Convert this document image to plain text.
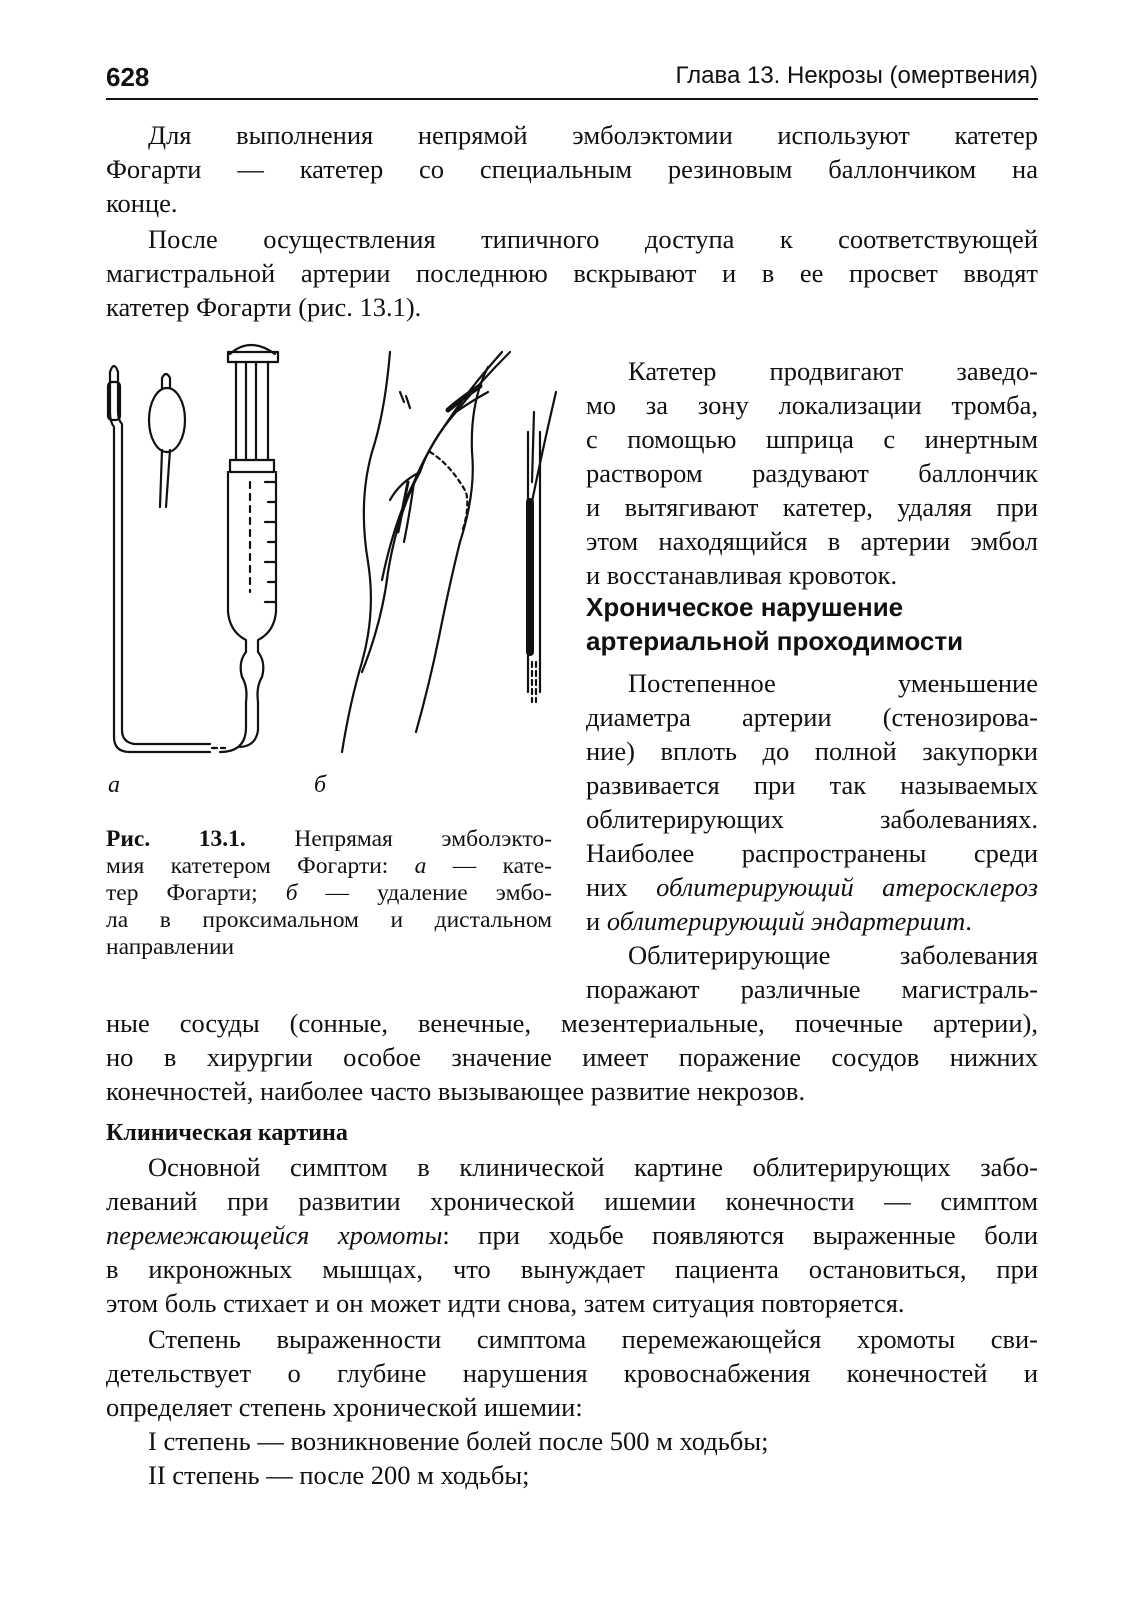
628	Глава 13. Некрозы (омертвения)
Для выполнения непрямой эмболэктомии используют катетер
Фогарти — катетер со специальным резиновым баллончиком на
конце.
После осуществления типичного доступа к соответствующей
магистральной артерии последнюю вскрывают и в ее просвет вводят
катетер Фогарти (рис. 13.1).
Катетер продвигают заведо-
мо за зону локализации тромба,
с помощью шприца с инертным
раствором раздувают баллончик
и вытягивают катетер, удаляя при
этом находящийся в артерии эмбол
и восстанавливая кровоток.
Хроническое нарушение
артериальной проходимости
Постепенное уменьшение
диаметра артерии (стенозирова-
ние) вплоть до полной закупорки
развивается при так называемых
облитерирующих заболеваниях.
Наиболее распространены среди
них облитерирующий атеросклероз
и облитерирующий эндартериит.
Облитерирующие заболевания
поражают различные магистраль-
ные сосуды (сонные, венечные, мезентериальные, почечные артерии),
но в хирургии особое значение имеет поражение сосудов нижних
конечностей, наиболее часто вызывающее развитие некрозов.
а	б
Рис. 13.1. Непрямая эмболэкто-
мия катетером Фогарти: а — кате-
тер Фогарти; б — удаление эмбо-
ла в проксимальном и дистальном
направлении
Клиническая картина
Основной симптом в клинической картине облитерирующих забо-
леваний при развитии хронической ишемии конечности — симптом
перемежающейся хромоты: при ходьбе появляются выраженные боли
в икроножных мышцах, что вынуждает пациента остановиться, при
этом боль стихает и он может идти снова, затем ситуация повторяется.
Степень выраженности симптома перемежающейся хромоты сви-
детельствует о глубине нарушения кровоснабжения конечностей и
определяет степень хронической ишемии:
I степень — возникновение болей после 500 м ходьбы;
II степень — после 200 м ходьбы;
